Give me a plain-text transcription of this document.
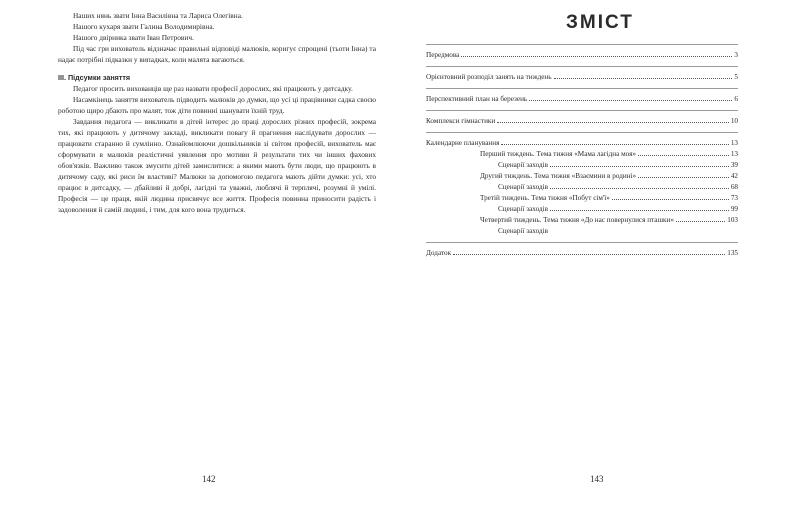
Нашиx нянь звати Інна Василівна та Лариса Олегівна.

Нашого кухаря звати Галина Володимирівна.

Нашого двірника звати Іван Петрович.

Під час гри вихователь відзначає правильні відповіді малюків, коригує спрощені (тьоти Інна) та надає потрібні підказки у випадках, коли малята вагаються.

ІІІ. Підсумки заняття

Педагог просить вихованців ще раз назвати професії дорослих, які працюють у дитсадку.

Насамкінець заняття вихователь підводить малюків до думки, що усі ці працівники садка своєю роботою щиро дбають про малят, тож діти повинні шанувати їхній труд.

Завдання педагога — викликати в дітей інтерес до праці дорослих різних професій, зокрема тих, які працюють у дитячому закладі, викликати повагу й прагнення наслідувати дорослих — працювати старанно й сумлінно. Ознайомлюючи дошкільників зі світом професій, вихователь має сформувати в малюків реалістичні уявлення про мотиви й результати тих чи інших фахових обов'язків. Важливо також змусити дітей замислитися: а якими мають бути люди, що працюють в дитячому саду, які риси їм властиві? Малюки за допомогою педагога мають дійти думки: усі, хто працює в дитсадку, — дбайливі й добрі, лагідні та уважні, люблячі й терплячі, розумні й умілі. Професія — це праця, якій людина присвячує все життя. Професія повинна приносити радість і задоволення й самій людині, і тим, для кого вона трудиться.

142
ЗМІСТ
Передмова	3
Орієнтовний розподіл занять на тиждень	5
Перспективний план на березень	6
Комплекси гімнастики	10
Календарне планування	13
Перший тиждень. Тема тижня «Мама лагідна моя»	13
Сценарії заходів	39
Другий тиждень. Тема тижня «Взаємини в родині»	42
Сценарії заходів	68
Третій тиждень. Тема тижня «Побут сім'ї»	73
Сценарії заходів	99
Четвертий тиждень. Тема тижня «До нас повернулися пташки»	103
Сценарії заходів
Додаток	135
143
